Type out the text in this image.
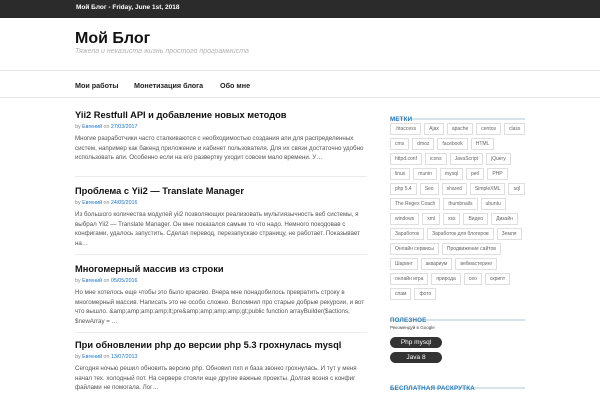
Мой Блог - Friday, June 1st, 2018
Мой Блог
Тяжела и неказиста жизнь простого программиста
Мои работы Монетизация блога Обо мне
Yii2 Restfull API и добавление новых методов
by Евгений on 27/03/2017
Многие разработчики часто сталкиваются с необходимостью создания апи для распределенных систем, например как бакенд приложение и кабинет пользователя. Для их связи достаточно удобно использовать апи. Особенно если на его развертку уходит совсем мало времени. У…
Проблема с Yii2 — Translate Manager
by Евгений on 24/05/2016
Из большого количества модулей yii2 позволяющих реализовать мультиязычность веб системы, я выбрал Yii2 — Translate Manager. Он мне показался самым то что надо. Немного покодовав с конфигами, удалось запустить. Сделал перевод, перезапускаю страницу, не работает. Показывает на…
Многомерный массив из строки
by Евгений on 05/05/2016
Но мне хотелось еще чтобы это было красиво. Вчера мне понадобилось превратить строку в многомерный массив. Написать это не особо сложно. Вспомнил про старые добрые рекурсии, и вот что вышло. &amp;amp;amp;amp;lt;pre&amp;amp;amp;amp;gt;public function arrayBuilder($actions, $newArray = …
При обновлении php до версии php 5.3 грохнулась mysql
by Евгений on 13/07/2013
Сегодня ночью решил обновить версию php. Обновил пхп и база звонко грохнулась. И тут у меня начал тех. холодный пот. На сервере стояли еще другие важные проекты. Долгая возня с конфиг файлами не помогала. Лог…
МЕТКИ
.htaccess	Ajax	apache	centos	class
cms	dmoz	facebook	HTML
httpd.conf	icons	JavaScript	jQuery
linux	munin	mysql	perl	PHP
php 5.4	Seo	shared	SimpleXML	sql
The Regex Coach	thumbnails	ubuntu
windows	xml	xss	Видео	Дизайн
Заработок	Заработок для блогеров	Земля
Онлайн сервисы	Продвижение сайтов
Шаринг	аквариум	вебмастеринг
онлайн игра	природа	сео	скрипт
спам	фото
ПОЛЕЗНОЕ
Рекомендуй в Google
Php mysql
Java 8
БЕСПЛАТНАЯ РАСКРУТКА
